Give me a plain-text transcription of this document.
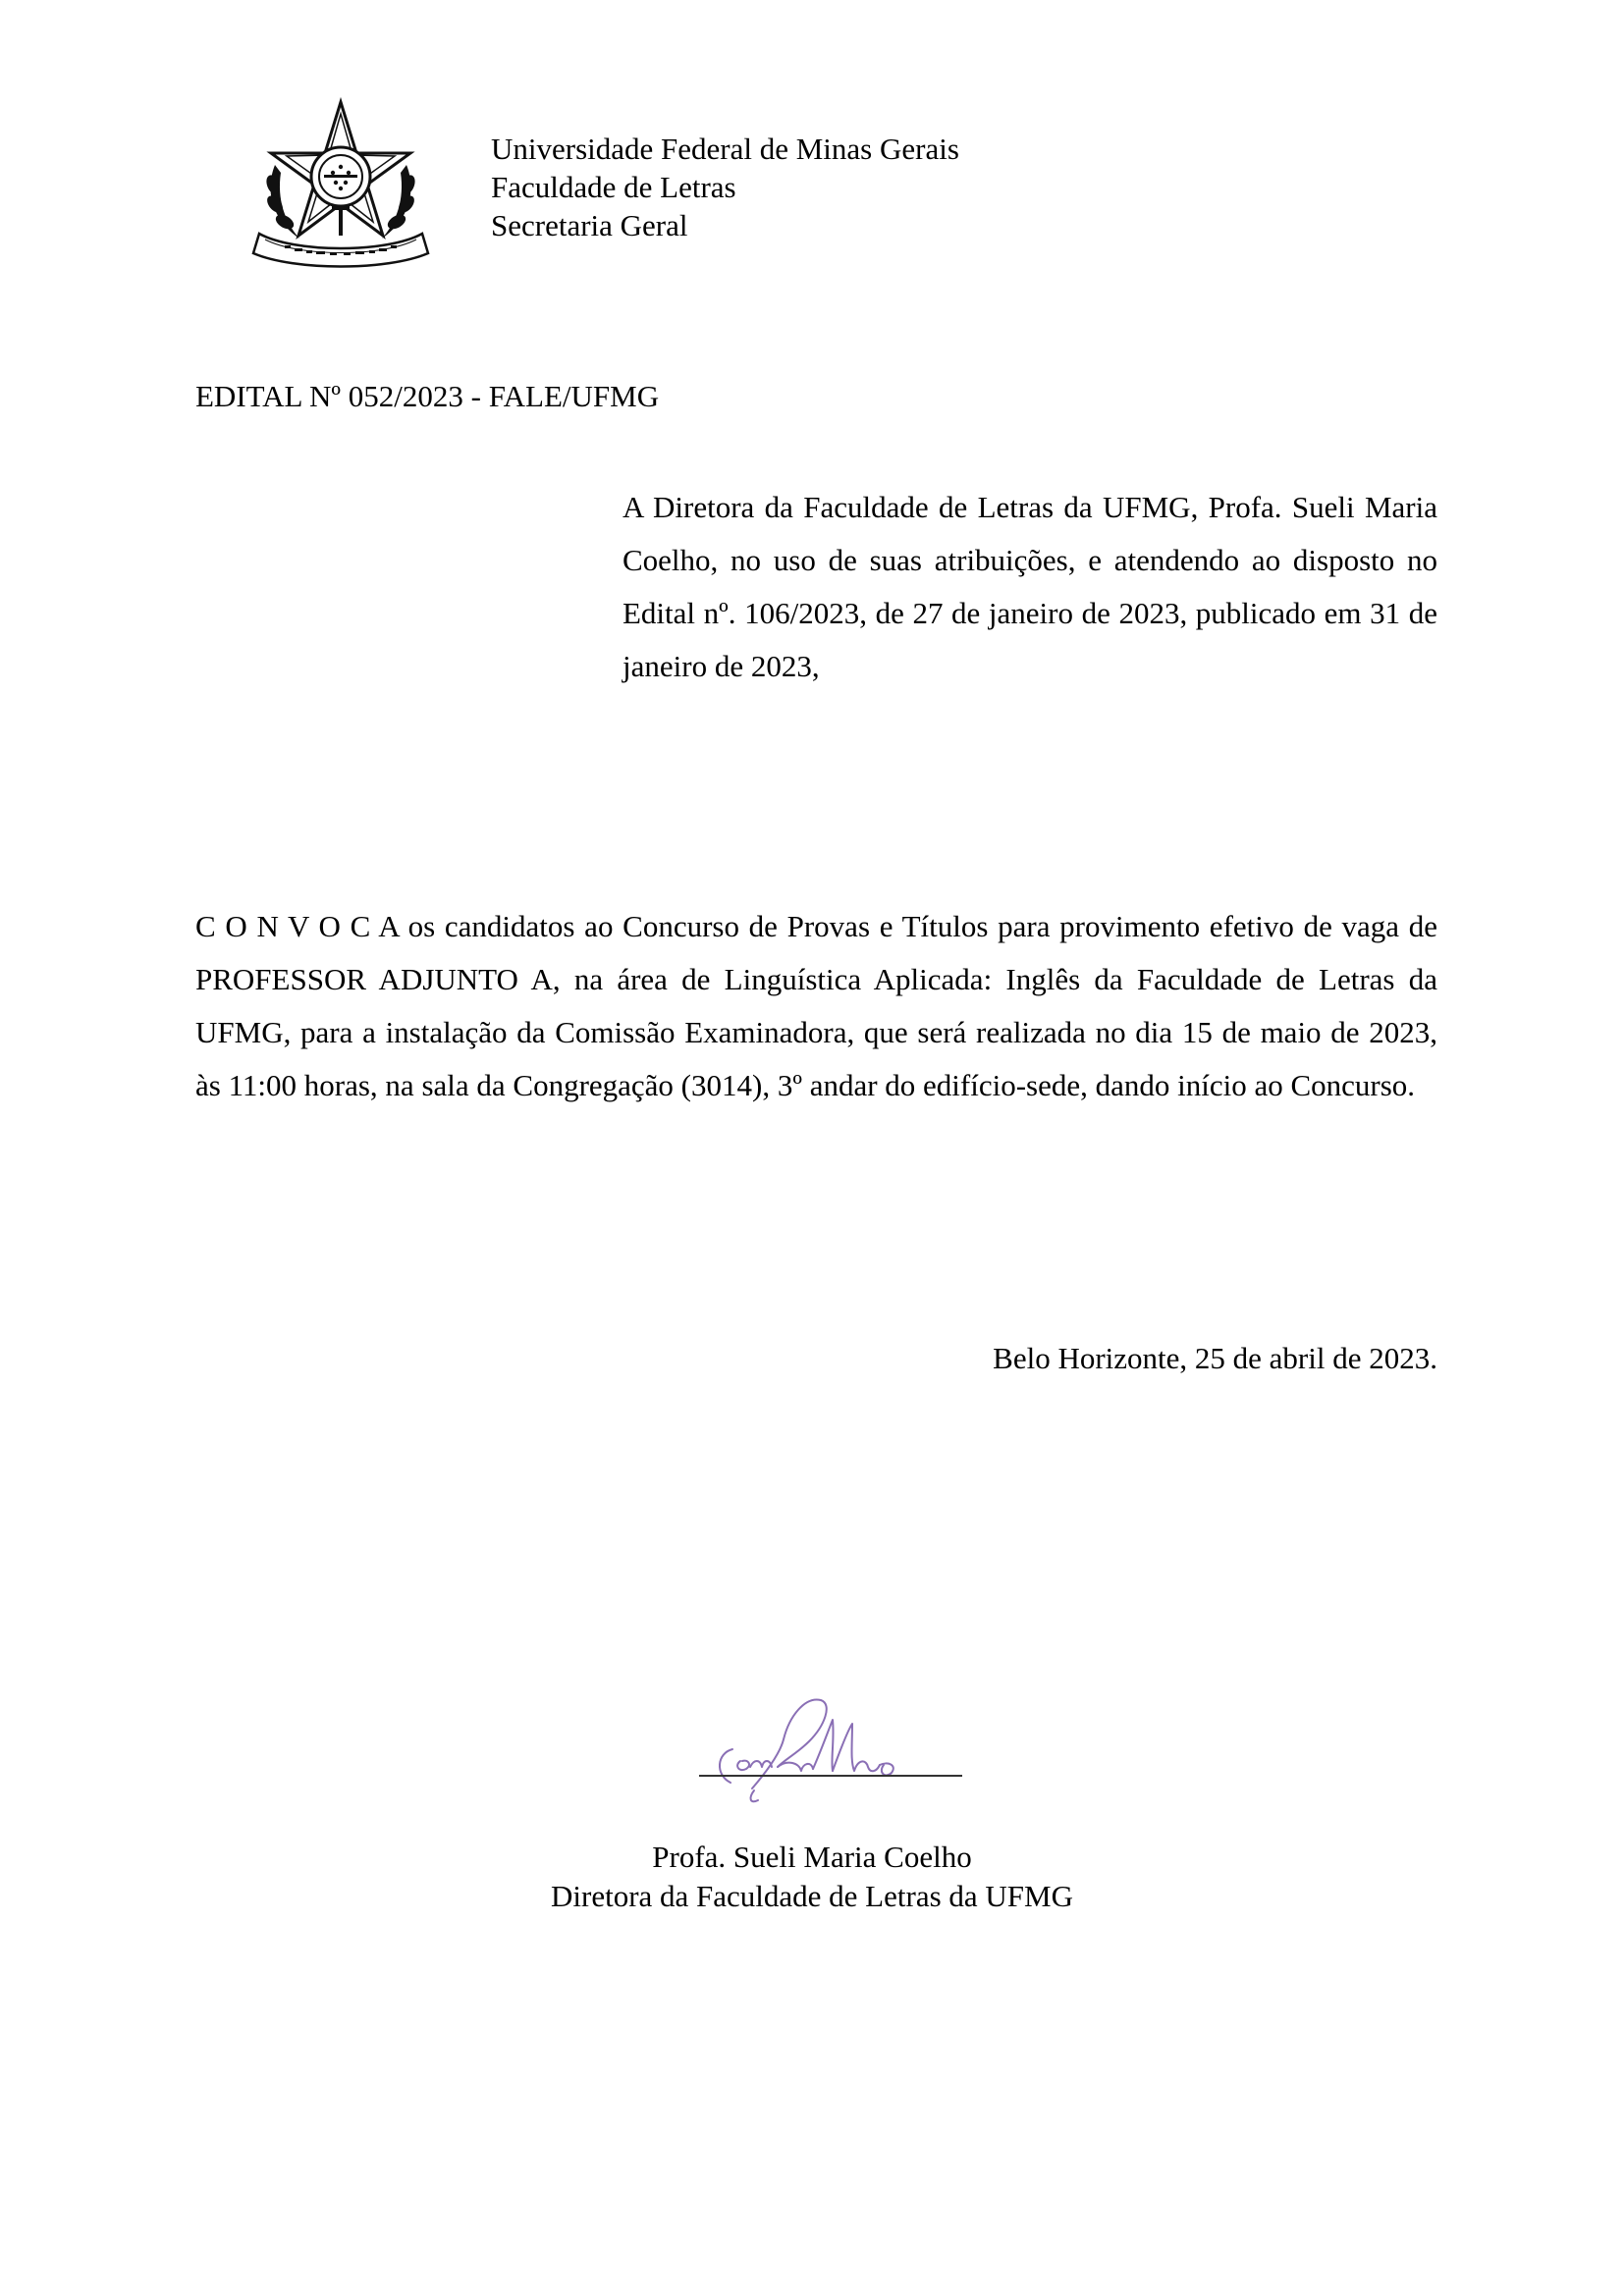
Universidade Federal de Minas Gerais
Faculdade de Letras
Secretaria Geral
EDITAL Nº 052/2023 - FALE/UFMG
A Diretora da Faculdade de Letras da UFMG, Profa. Sueli Maria Coelho, no uso de suas atribuições, e atendendo ao disposto no Edital nº. 106/2023, de 27 de janeiro de 2023, publicado em 31 de janeiro de 2023,
C O N V O C A os candidatos ao Concurso de Provas e Títulos para provimento efetivo de vaga de PROFESSOR ADJUNTO A, na área de Linguística Aplicada: Inglês da Faculdade de Letras da UFMG, para a instalação da Comissão Examinadora, que será realizada no dia 15 de maio de 2023, às 11:00 horas, na sala da Congregação (3014), 3º andar do edifício-sede, dando início ao Concurso.
Belo Horizonte, 25 de abril de 2023.
Profa. Sueli Maria Coelho
Diretora da Faculdade de Letras da UFMG
